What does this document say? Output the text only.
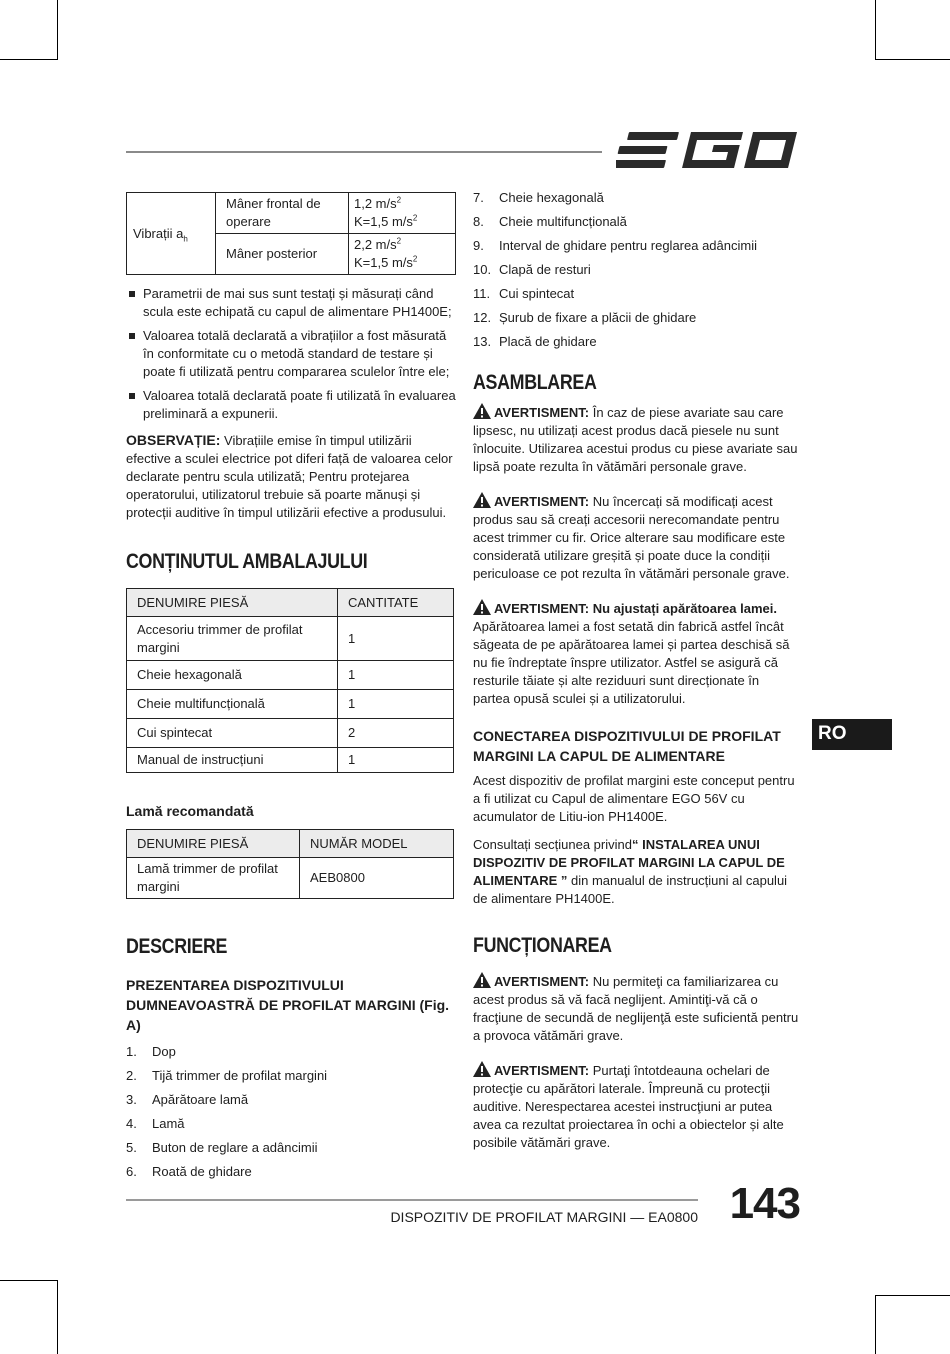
Vibrații $a_h$	Mâner frontal de operare	1,2 $m/s^2$
K=1,5 $m/s^2$
	Mâner posterior	2,2 $m/s^2$
K=1,5 $m/s^2$
Parametrii de mai sus sunt testați și măsurați când scula este echipată cu capul de alimentare PH1400E;
Valoarea totală declarată a vibrațiilor a fost măsurată în conformitate cu o metodă standard de testare și poate fi utilizată pentru compararea sculelor între ele;
Valoarea totală declarată poate fi utilizată în evaluarea preliminară a expunerii.

OBSERVAȚIE: Vibrațiile emise în timpul utilizării efective a sculei electrice pot diferi față de valoarea celor declarate pentru scula utilizată; Pentru protejarea operatorului, utilizatorul trebuie să poarte mănuși și protecții auditive în timpul utilizării efective a produsului.

CONȚINUTUL AMBALAJULUI
DENUMIRE PIESĂ	CANTITATE
Accesoriu trimmer de profilat margini	1
Cheie hexagonală	1
Cheie multifuncțională	1
Cui spintecat	2
Manual de instrucțiuni	1
Lamă recomandată
DENUMIRE PIESĂ	NUMĂR MODEL
Lamă trimmer de profilat margini	AEB0800
DESCRIERE
PREZENTAREA DISPOZITIVULUI DUMNEAVOASTRĂ DE PROFILAT MARGINI (Fig. A)
1.	Dop
2.	Tijă trimmer de profilat margini
3.	Apărătoare lamă
4.	Lamă
5.	Buton de reglare a adâncimii
6.	Roată de ghidare
7.	Cheie hexagonală
8.	Cheie multifuncțională
9.	Interval de ghidare pentru reglarea adâncimii
10. Clapă de resturi
11. Cui spintecat
12. Șurub de fixare a plăcii de ghidare
13. Placă de ghidare
ASAMBLAREA

AVERTISMENT: În caz de piese avariate sau care lipsesc, nu utilizați acest produs dacă piesele nu sunt înlocuite. Utilizarea acestui produs cu piese avariate sau lipsă poate rezulta în vătămări personale grave.

AVERTISMENT: Nu încercați să modificați acest produs sau să creați accesorii nerecomandate pentru acest trimmer cu fir. Orice alterare sau modificare este considerată utilizare greșită și poate duce la condiții periculoase ce pot rezulta în vătămări personale grave.

AVERTISMENT: Nu ajustați apărătoarea lamei. Apărătoarea lamei a fost setată din fabrică astfel încât săgeata de pe apărătoarea lamei și partea deschisă să nu fie îndreptate înspre utilizator. Astfel se asigură că resturile tăiate și alte reziduuri sunt direcționate în partea opusă sculei și a utilizatorului.

CONECTAREA DISPOZITIVULUI DE PROFILAT MARGINI LA CAPUL DE ALIMENTARE

Acest dispozitiv de profilat margini este conceput pentru a fi utilizat cu Capul de alimentare EGO 56V cu acumulator de Litiu-ion PH1400E.

Consultați secțiunea privind“ INSTALAREA UNUI DISPOZITIV DE PROFILAT MARGINI LA CAPUL DE ALIMENTARE ” din manualul de instrucțiuni al capului de alimentare PH1400E.

FUNCȚIONAREA

AVERTISMENT: Nu permiteţi ca familiarizarea cu acest produs să vă facă neglijent. Amintiţi-vă că o fracţiune de secundă de neglijenţă este suficientă pentru a provoca vătămări grave.

AVERTISMENT: Purtaţi întotdeauna ochelari de protecţie cu apărători laterale. Împreună cu protecţii auditive. Nerespectarea acestei instrucţiuni ar putea avea ca rezultat proiectarea în ochi a obiectelor și alte posibile vătămări grave.

RO
DISPOZITIV DE PROFILAT MARGINI — EA0800 143
